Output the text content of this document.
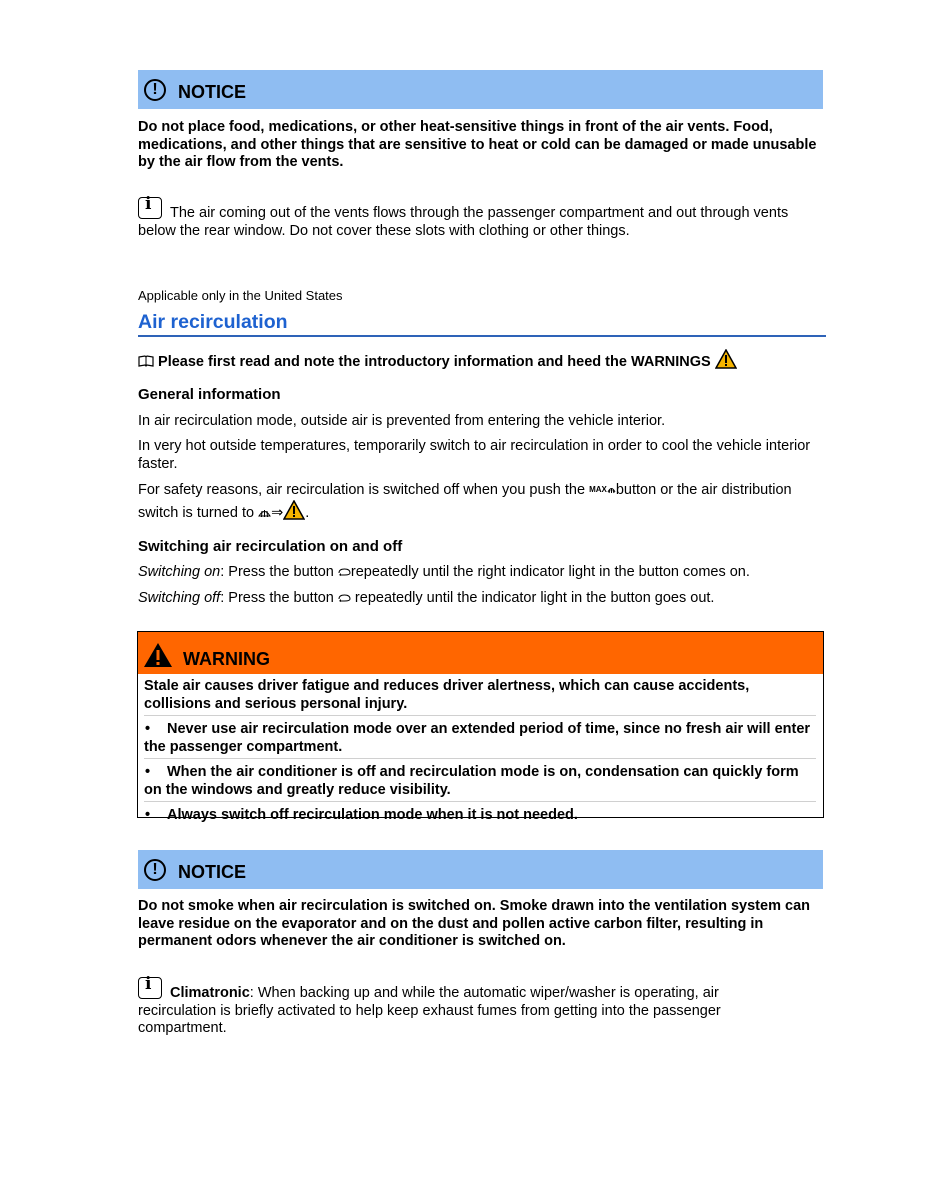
!	NOTICE
Do not place food, medications, or other heat-sensitive things in front of the air vents. Food, medications, and other things that are sensitive to heat or cold can be damaged or made unusable by the air flow from the vents.
i The air coming out of the vents flows through the passenger compartment and out through vents below the rear window. Do not cover these slots with clothing or other things.
Applicable only in the United States
Air recirculation
Please first read and note the introductory information and heed the WARNINGS
General information
In air recirculation mode, outside air is prevented from entering the vehicle interior.
In very hot outside temperatures, temporarily switch to air recirculation in order to cool the vehicle interior faster.
For safety reasons, air recirculation is switched off when you push the MAX button or the air distribution
switch is turned to ⇒ .
Switching air recirculation on and off
Switching on: Press the button repeatedly until the right indicator light in the button comes on.
Switching off: Press the button  repeatedly until the indicator light in the button goes out.
WARNING
Stale air causes driver fatigue and reduces driver alertness, which can cause accidents, collisions and serious personal injury.
• Never use air recirculation mode over an extended period of time, since no fresh air will enter the passenger compartment.
• When the air conditioner is off and recirculation mode is on, condensation can quickly form on the windows and greatly reduce visibility.
• Always switch off recirculation mode when it is not needed.
!	NOTICE
Do not smoke when air recirculation is switched on. Smoke drawn into the ventilation system can leave residue on the evaporator and on the dust and pollen active carbon filter, resulting in permanent odors whenever the air conditioner is switched on.
i Climatronic: When backing up and while the automatic wiper/washer is operating, air recirculation is briefly activated to help keep exhaust fumes from getting into the passenger compartment.
